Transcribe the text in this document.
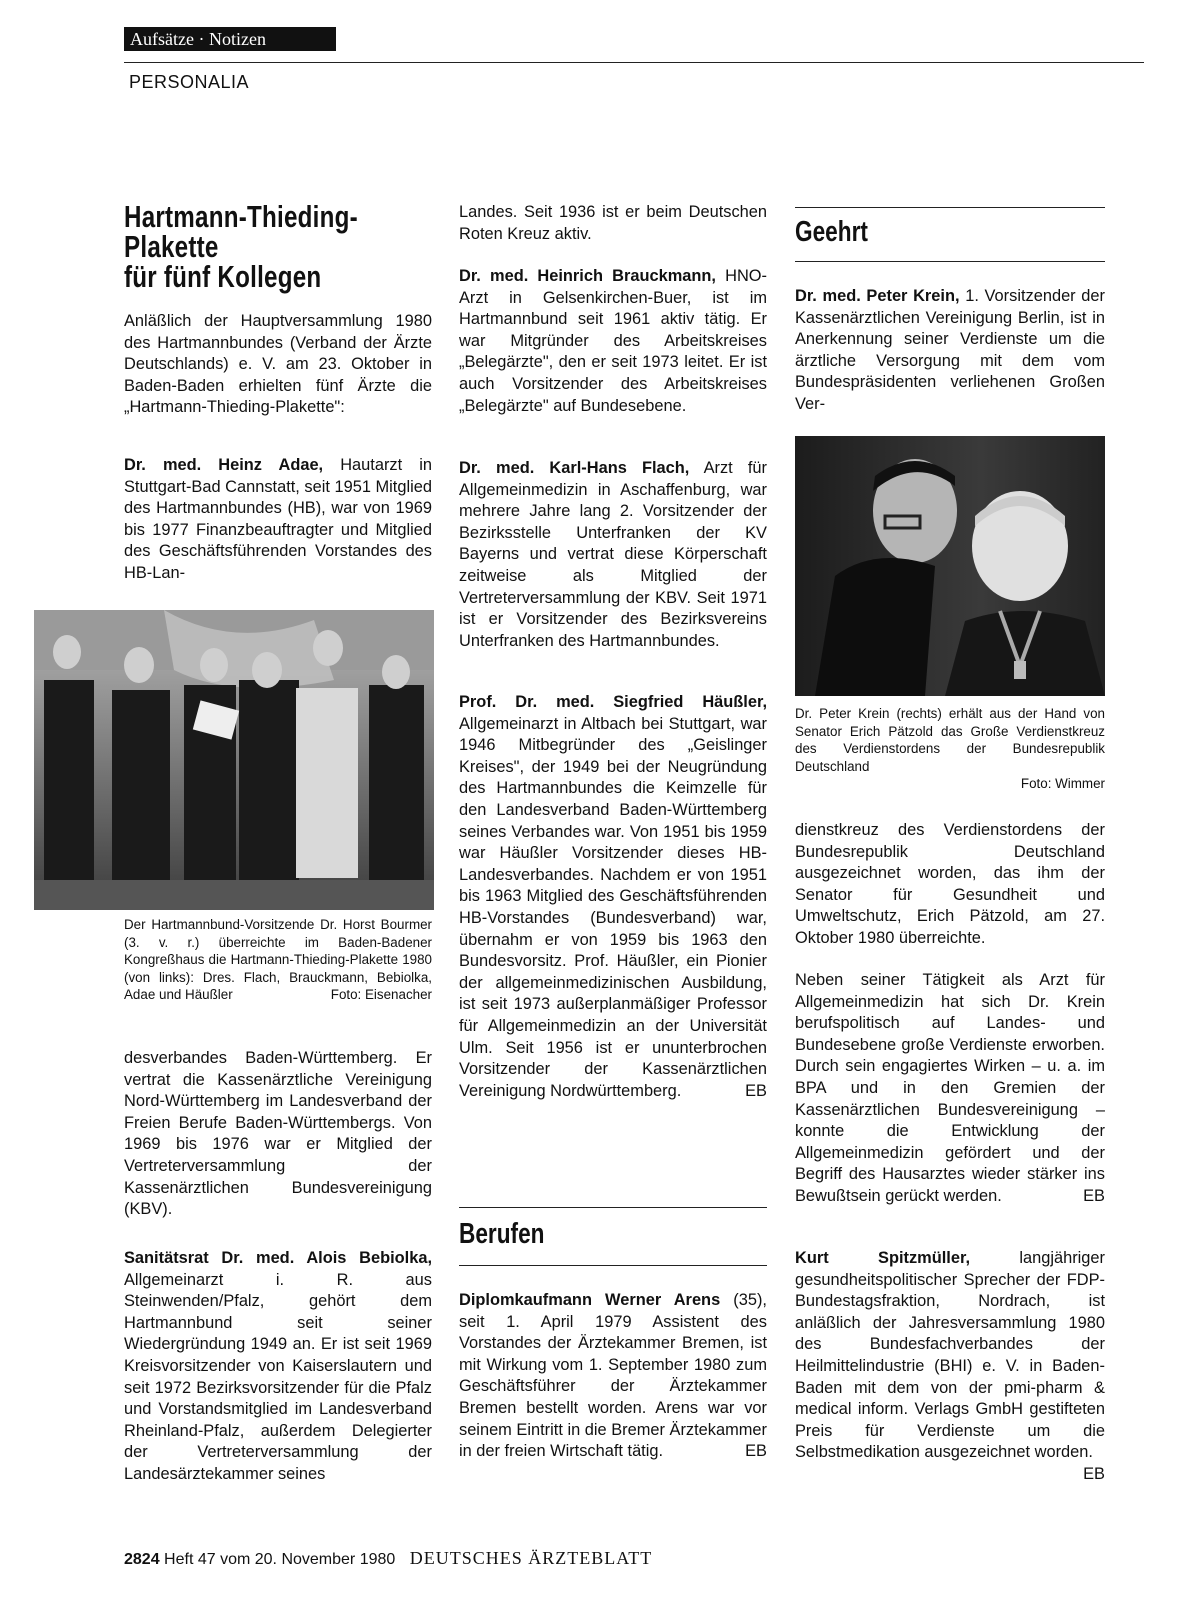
Aufsätze · Notizen
PERSONALIA
Hartmann-Thieding-
Plakette
für fünf Kollegen

Anläßlich der Hauptversammlung 1980 des Hartmannbundes (Verband der Ärzte Deutschlands) e. V. am 23. Oktober in Baden-Baden erhielten fünf Ärzte die „Hartmann-Thieding-Plakette":

Dr. med. Heinz Adae, Hautarzt in Stuttgart-Bad Cannstatt, seit 1951 Mitglied des Hartmannbundes (HB), war von 1969 bis 1977 Finanzbeauftragter und Mitglied des Geschäftsführenden Vorstandes des HB-Lan-

Der Hartmannbund-Vorsitzende Dr. Horst Bourmer (3. v. r.) überreichte im Baden-Badener Kongreßhaus die Hartmann-Thieding-Plakette 1980 (von links): Dres. Flach, Brauckmann, Bebiolka, Adae und Häußler	Foto: Eisenacher

desverbandes Baden-Württemberg. Er vertrat die Kassenärztliche Vereinigung Nord-Württemberg im Landesverband der Freien Berufe Baden-Württembergs. Von 1969 bis 1976 war er Mitglied der Vertreterversammlung der Kassenärztlichen Bundesvereinigung (KBV).

Sanitätsrat Dr. med. Alois Bebiolka, Allgemeinarzt i. R. aus Steinwenden/Pfalz, gehört dem Hartmannbund seit seiner Wiedergründung 1949 an. Er ist seit 1969 Kreisvorsitzender von Kaiserslautern und seit 1972 Bezirksvorsitzender für die Pfalz und Vorstandsmitglied im Landesverband Rheinland-Pfalz, außerdem Delegierter der Vertreterversammlung der Landesärztekammer seines

Landes. Seit 1936 ist er beim Deutschen Roten Kreuz aktiv.

Dr. med. Heinrich Brauckmann, HNO-Arzt in Gelsenkirchen-Buer, ist im Hartmannbund seit 1961 aktiv tätig. Er war Mitgründer des Arbeitskreises „Belegärzte", den er seit 1973 leitet. Er ist auch Vorsitzender des Arbeitskreises „Belegärzte" auf Bundesebene.

Dr. med. Karl-Hans Flach, Arzt für Allgemeinmedizin in Aschaffenburg, war mehrere Jahre lang 2. Vorsitzender der Bezirksstelle Unterfranken der KV Bayerns und vertrat diese Körperschaft zeitweise als Mitglied der Vertreterversammlung der KBV. Seit 1971 ist er Vorsitzender des Bezirksvereins Unterfranken des Hartmannbundes.

Prof. Dr. med. Siegfried Häußler, Allgemeinarzt in Altbach bei Stuttgart, war 1946 Mitbegründer des „Geislinger Kreises", der 1949 bei der Neugründung des Hartmannbundes die Keimzelle für den Landesverband Baden-Württemberg seines Verbandes war. Von 1951 bis 1959 war Häußler Vorsitzender dieses HB-Landesverbandes. Nachdem er von 1951 bis 1963 Mitglied des Geschäftsführenden HB-Vorstandes (Bundesverband) war, übernahm er von 1959 bis 1963 den Bundesvorsitz. Prof. Häußler, ein Pionier der allgemeinmedizinischen Ausbildung, ist seit 1973 außerplanmäßiger Professor für Allgemeinmedizin an der Universität Ulm. Seit 1956 ist er ununterbrochen Vorsitzender der Kassenärztlichen Vereinigung Nordwürttemberg.	EB

Berufen

Diplomkaufmann Werner Arens (35), seit 1. April 1979 Assistent des Vorstandes der Ärztekammer Bremen, ist mit Wirkung vom 1. September 1980 zum Geschäftsführer der Ärztekammer Bremen bestellt worden. Arens war vor seinem Eintritt in die Bremer Ärztekammer in der freien Wirtschaft tätig.	EB

Geehrt

Dr. med. Peter Krein, 1. Vorsitzender der Kassenärztlichen Vereinigung Berlin, ist in Anerkennung seiner Verdienste um die ärztliche Versorgung mit dem vom Bundespräsidenten verliehenen Großen Ver-

Dr. Peter Krein (rechts) erhält aus der Hand von Senator Erich Pätzold das Große Verdienstkreuz des Verdienstordens der Bundesrepublik Deutschland

Foto: Wimmer

dienstkreuz des Verdienstordens der Bundesrepublik Deutschland ausgezeichnet worden, das ihm der Senator für Gesundheit und Umweltschutz, Erich Pätzold, am 27. Oktober 1980 überreichte.

Neben seiner Tätigkeit als Arzt für Allgemeinmedizin hat sich Dr. Krein berufspolitisch auf Landes- und Bundesebene große Verdienste erworben. Durch sein engagiertes Wirken – u. a. im BPA und in den Gremien der Kassenärztlichen Bundesvereinigung – konnte die Entwicklung der Allgemeinmedizin gefördert und der Begriff des Hausarztes wieder stärker ins Bewußtsein gerückt werden.	EB

Kurt Spitzmüller, langjähriger gesundheitspolitischer Sprecher der FDP-Bundestagsfraktion, Nordrach, ist anläßlich der Jahresversammlung 1980 des Bundesfachverbandes der Heilmittelindustrie (BHI) e. V. in Baden-Baden mit dem von der pmi-pharm & medical inform. Verlags GmbH gestifteten Preis für Verdienste um die Selbstmedikation ausgezeichnet worden.
EB

2824 Heft 47 vom 20. November 1980 DEUTSCHES ÄRZTEBLATT
